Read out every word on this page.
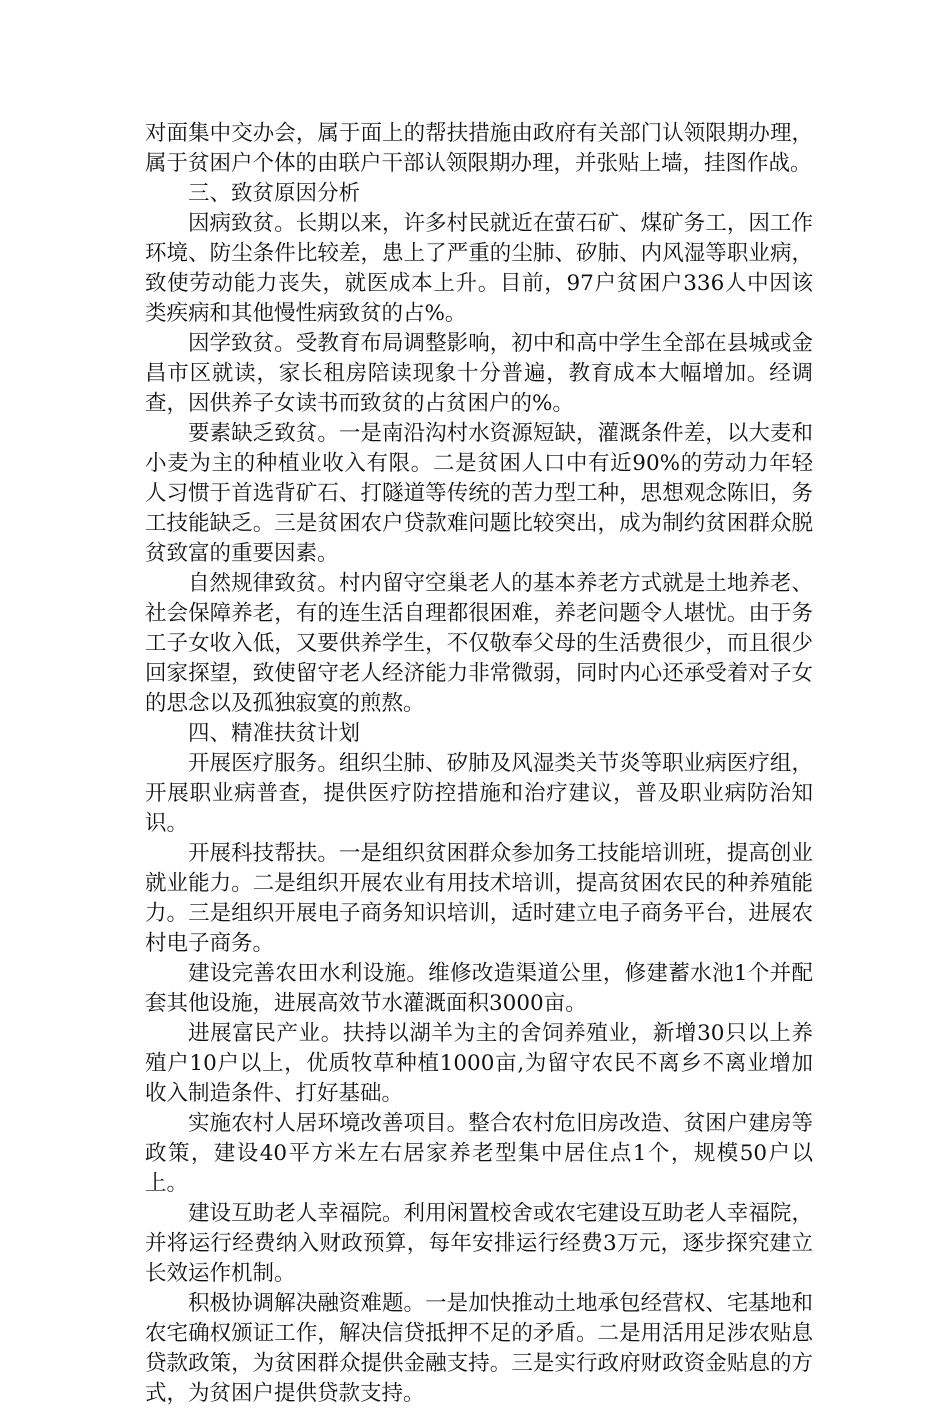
对面集中交办会，属于面上的帮扶措施由政府有关部门认领限期办理，属于贫困户个体的由联户干部认领限期办理，并张贴上墙，挂图作战。

三、致贫原因分析

因病致贫。长期以来，许多村民就近在萤石矿、煤矿务工，因工作环境、防尘条件比较差，患上了严重的尘肺、矽肺、内风湿等职业病，致使劳动能力丧失，就医成本上升。目前，97户贫困户336人中因该类疾病和其他慢性病致贫的占%。

因学致贫。受教育布局调整影响，初中和高中学生全部在县城或金昌市区就读，家长租房陪读现象十分普遍，教育成本大幅增加。经调查，因供养子女读书而致贫的占贫困户的%。

要素缺乏致贫。一是南沿沟村水资源短缺，灌溉条件差，以大麦和小麦为主的种植业收入有限。二是贫困人口中有近90%的劳动力年轻人习惯于首选背矿石、打隧道等传统的苦力型工种，思想观念陈旧，务工技能缺乏。三是贫困农户贷款难问题比较突出，成为制约贫困群众脱贫致富的重要因素。

自然规律致贫。村内留守空巢老人的基本养老方式就是土地养老、社会保障养老，有的连生活自理都很困难，养老问题令人堪忧。由于务工子女收入低，又要供养学生，不仅敬奉父母的生活费很少，而且很少回家探望，致使留守老人经济能力非常微弱，同时内心还承受着对子女的思念以及孤独寂寞的煎熬。

四、精准扶贫计划

开展医疗服务。组织尘肺、矽肺及风湿类关节炎等职业病医疗组，开展职业病普查，提供医疗防控措施和治疗建议，普及职业病防治知识。

开展科技帮扶。一是组织贫困群众参加务工技能培训班，提高创业就业能力。二是组织开展农业有用技术培训，提高贫困农民的种养殖能力。三是组织开展电子商务知识培训，适时建立电子商务平台，进展农村电子商务。

建设完善农田水利设施。维修改造渠道公里，修建蓄水池1个并配套其他设施，进展高效节水灌溉面积3000亩。

进展富民产业。扶持以湖羊为主的舍饲养殖业，新增30只以上养殖户10户以上，优质牧草种植1000亩,为留守农民不离乡不离业增加收入制造条件、打好基础。

实施农村人居环境改善项目。整合农村危旧房改造、贫困户建房等政策，建设40平方米左右居家养老型集中居住点1个，规模50户以上。

建设互助老人幸福院。利用闲置校舍或农宅建设互助老人幸福院，并将运行经费纳入财政预算，每年安排运行经费3万元，逐步探究建立长效运作机制。

积极协调解决融资难题。一是加快推动土地承包经营权、宅基地和农宅确权颁证工作，解决信贷抵押不足的矛盾。二是用活用足涉农贴息贷款政策，为贫困群众提供金融支持。三是实行政府财政资金贴息的方式，为贫困户提供贷款支持。
